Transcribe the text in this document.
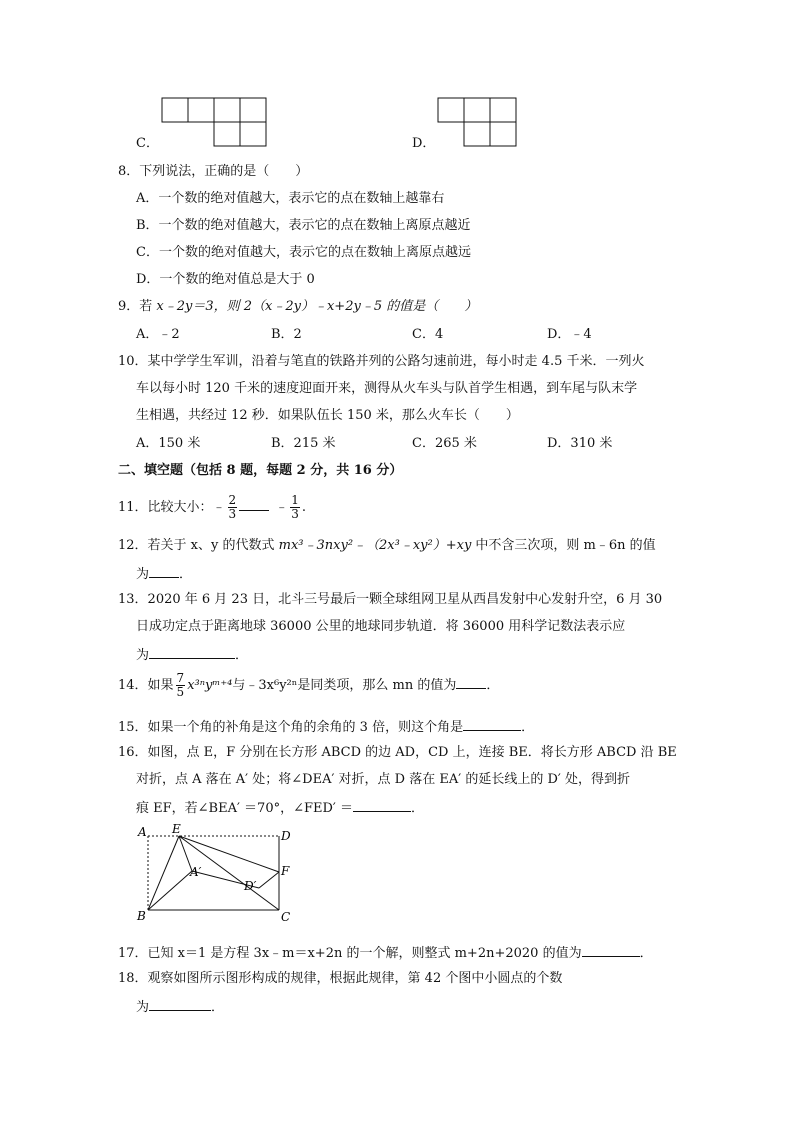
C．	D．
8．下列说法，正确的是（　　）
A．一个数的绝对值越大，表示它的点在数轴上越靠右
B．一个数的绝对值越大，表示它的点在数轴上离原点越近
C．一个数的绝对值越大，表示它的点在数轴上离原点越远
D．一个数的绝对值总是大于 0
9．若 x﹣2y＝3，则 2（x﹣2y）﹣x+2y﹣5 的值是（　　）
A．﹣2	B．2	C．4	D．﹣4
10．某中学学生军训，沿着与笔直的铁路并列的公路匀速前进，每小时走 4.5 千米．一列火
车以每小时 120 千米的速度迎面开来，测得从火车头与队首学生相遇，到车尾与队末学
生相遇，共经过 12 秒．如果队伍长 150 米，那么火车长（　　）
A．150 米	B．215 米	C．265 米	D．310 米
二、填空题（包括 8 题，每题 2 分，共 16 分）
11．比较大小：﹣ $\frac{2}{3}$	﹣ $\frac{1}{3}$ .
12．若关于 x、y 的代数式 mx³﹣3nxy²﹣（2x³﹣xy²）+xy 中不含三次项，则 m﹣6n 的值
为 ．
13．2020 年 6 月 23 日，北斗三号最后一颗全球组网卫星从西昌发射中心发射升空，6 月 30
日成功定点于距离地球 36000 公里的地球同步轨道．将 36000 用科学记数法表示应
为	．
14．如果 $\frac{7}{5}$ x³ⁿyᵐ⁺⁴与﹣3x⁶y²ⁿ是同类项，那么 mn 的值为 ．
15．如果一个角的补角是这个角的余角的 3 倍，则这个角是	．
16．如图，点 E，F 分别在长方形 ABCD 的边 AD，CD 上，连接 BE．将长方形 ABCD 沿 BE
对折，点 A 落在 A′ 处；将∠DEA′ 对折，点 D 落在 EA′ 的延长线上的 D′ 处，得到折
痕 EF，若∠BEA′ ＝70°，∠FED′ ＝	．
A E	D
A′
D′
F
B	C
17．已知 x＝1 是方程 3x﹣m＝x+2n 的一个解，则整式 m+2n+2020 的值为	．
18．观察如图所示图形构成的规律，根据此规律，第 42 个图中小圆点的个数
为	．
